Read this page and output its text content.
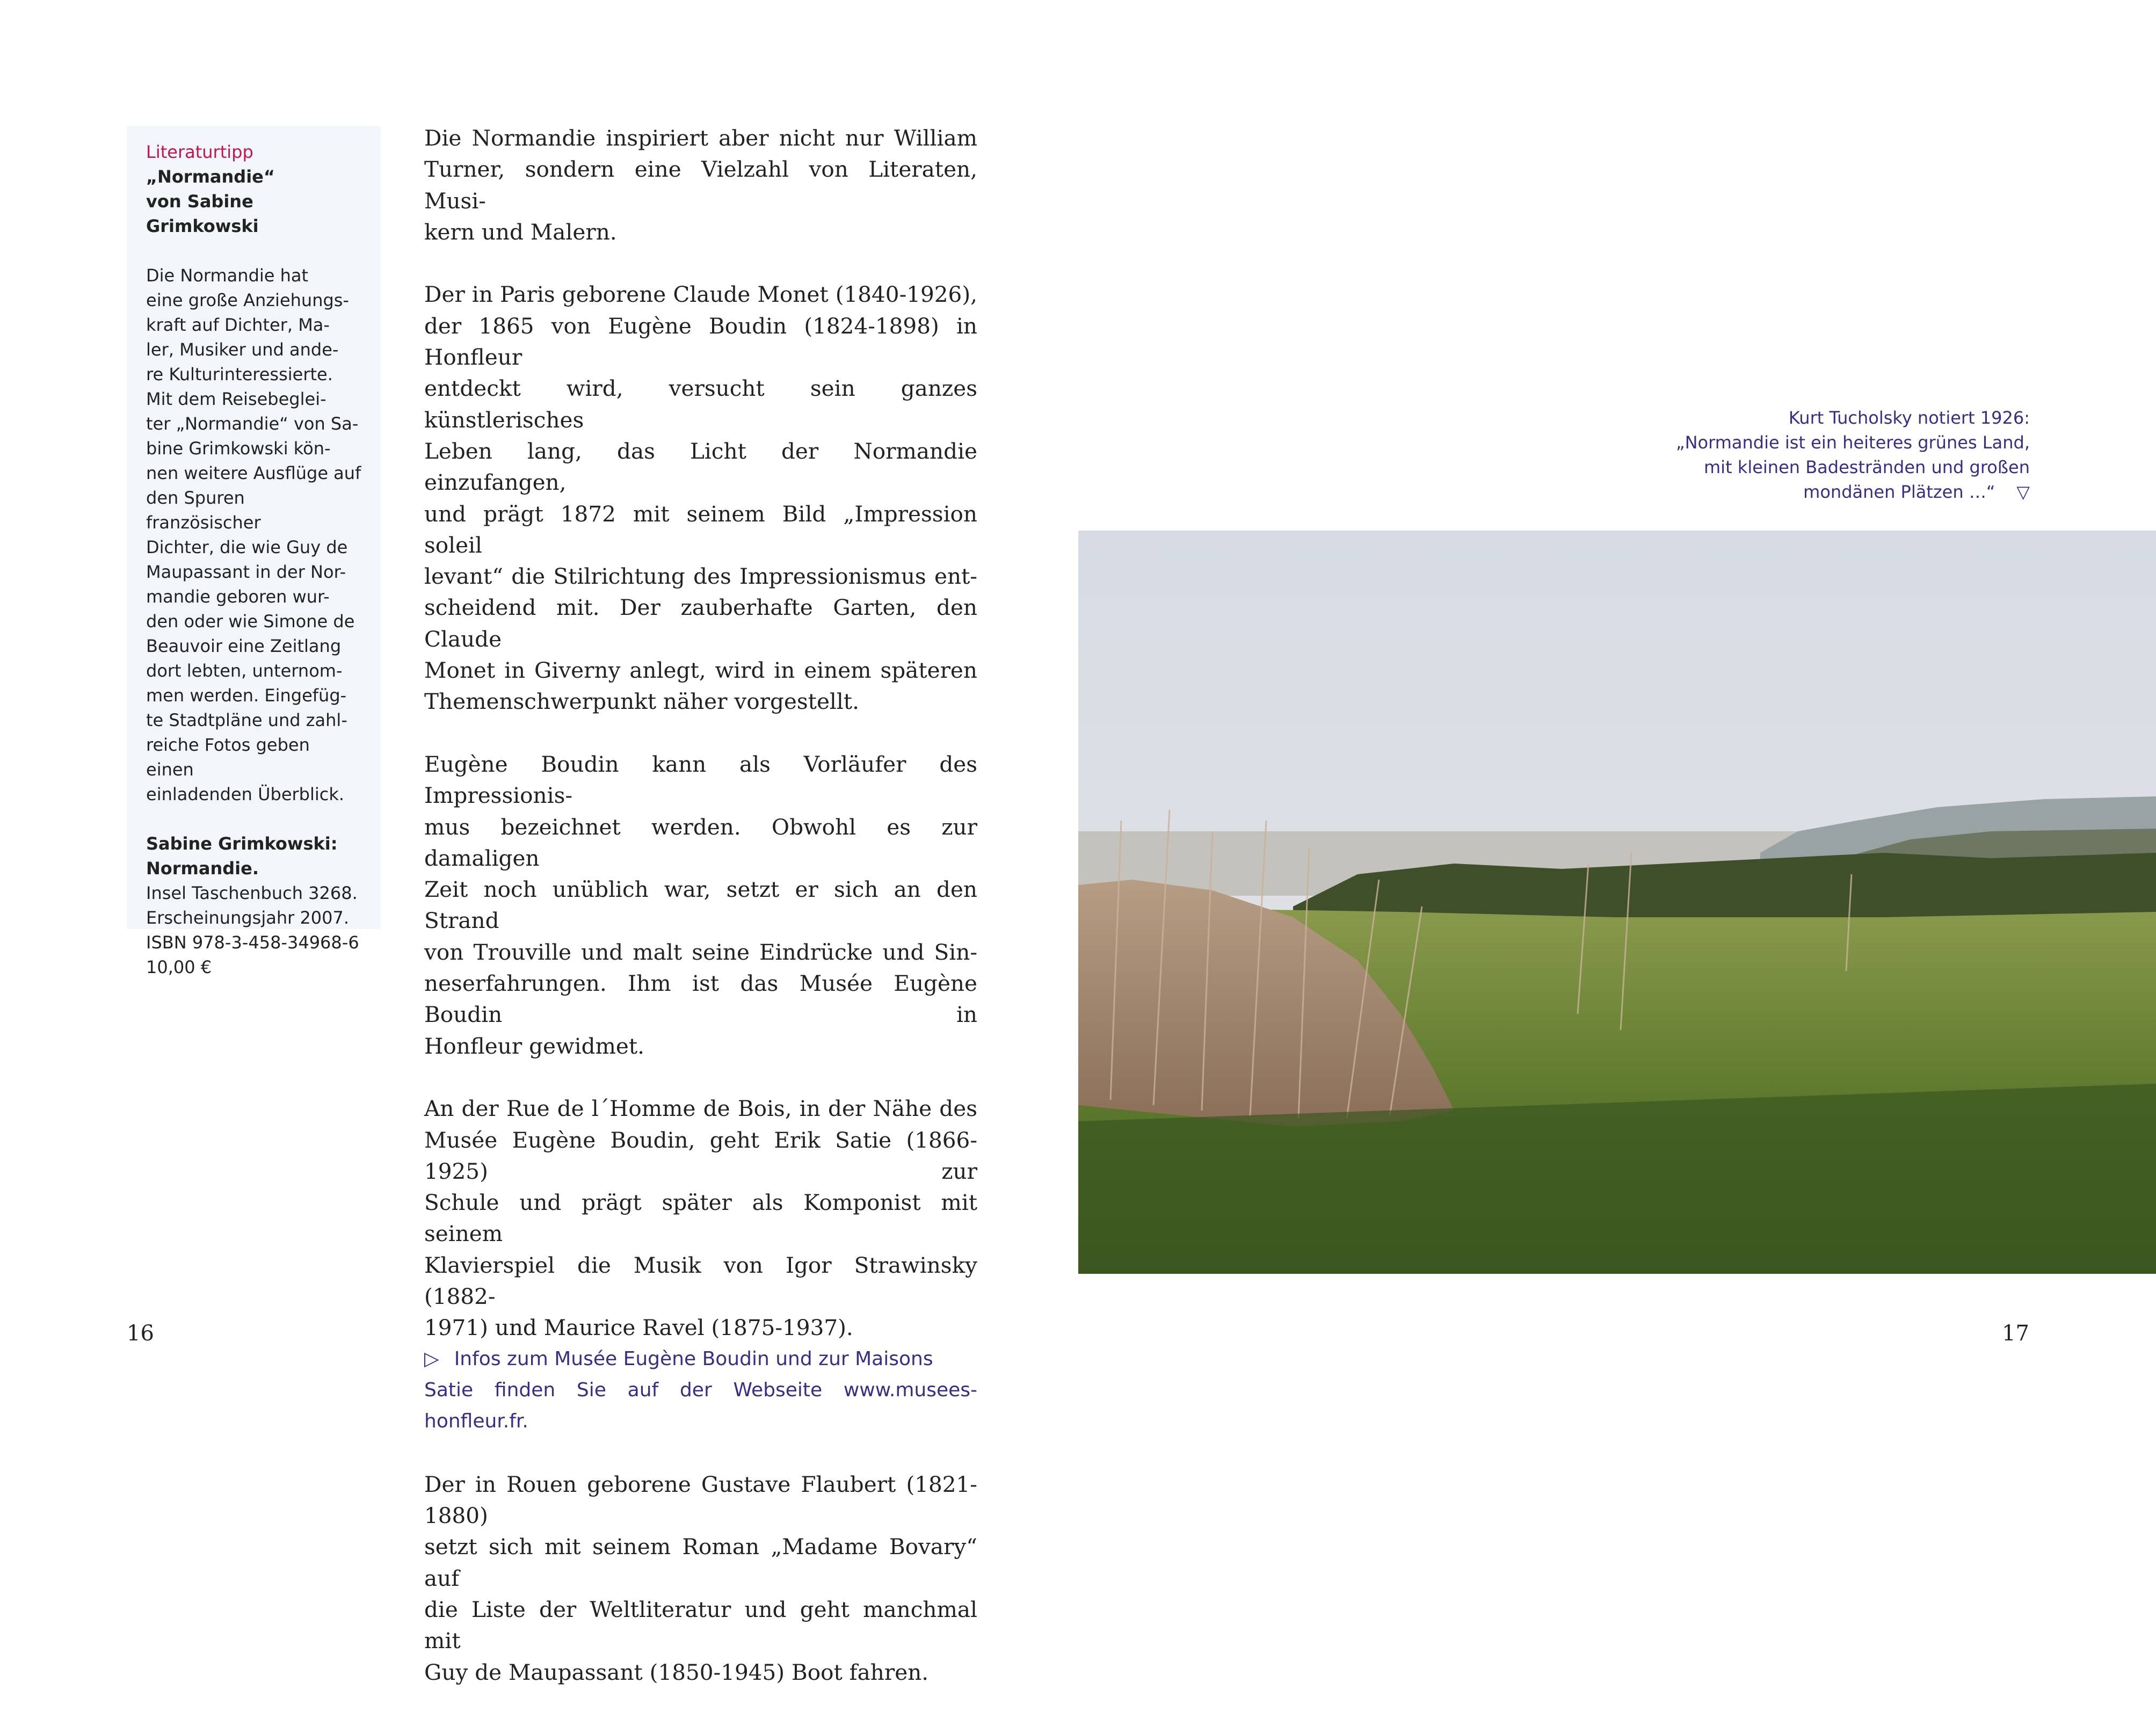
Literaturtipp

„Normandie“

von Sabine Grimkowski

Die Normandie hat

eine große Anziehungs-

kraft auf Dichter, Ma-

ler, Musiker und ande-

re Kulturinteressierte.

Mit dem Reisebeglei-

ter „Normandie“ von Sa-

bine Grimkowski kön-

nen weitere Ausflüge auf

den Spuren französischer

Dichter, die wie Guy de

Maupassant in der Nor-

mandie geboren wur-

den oder wie Simone de

Beauvoir eine Zeitlang

dort lebten, unternom-

men werden. Eingefüg-

te Stadtpläne und zahl-

reiche Fotos geben einen

einladenden Überblick.

Sabine Grimkowski:

Normandie.

Insel Taschenbuch 3268.

Erscheinungsjahr 2007.

ISBN 978-3-458-34968-6

10,00 €

Die Normandie inspiriert aber nicht nur William
Turner, sondern eine Vielzahl von Literaten, Musi-
kern und Malern.

Der in Paris geborene Claude Monet (1840-1926),
der 1865 von Eugène Boudin (1824-1898) in Honfleur
entdeckt wird, versucht sein ganzes künstlerisches
Leben lang, das Licht der Normandie einzufangen,
und prägt 1872 mit seinem Bild „Impression soleil
levant“ die Stilrichtung des Impressionismus ent-
scheidend mit. Der zauberhafte Garten, den Claude
Monet in Giverny anlegt, wird in einem späteren
Themenschwerpunkt näher vorgestellt.

Eugène Boudin kann als Vorläufer des Impressionis-
mus bezeichnet werden. Obwohl es zur damaligen
Zeit noch unüblich war, setzt er sich an den Strand
von Trouville und malt seine Eindrücke und Sin-
neserfahrungen. Ihm ist das Musée Eugène Boudin in
Honfleur gewidmet.

An der Rue de l´Homme de Bois, in der Nähe des
Musée Eugène Boudin, geht Erik Satie (1866-1925) zur
Schule und prägt später als Komponist mit seinem
Klavierspiel die Musik von Igor Strawinsky (1882-
1971) und Maurice Ravel (1875-1937).

▷ Infos zum Musée Eugène Boudin und zur Maisons
Satie finden Sie auf der Webseite www.musees-honfleur.fr.

Der in Rouen geborene Gustave Flaubert (1821-1880)
setzt sich mit seinem Roman „Madame Bovary“ auf
die Liste der Weltliteratur und geht manchmal mit
Guy de Maupassant (1850-1945) Boot fahren.

Kurt Tucholsky notiert 1926:
„Normandie ist ein heiteres grünes Land,
mit kleinen Badestränden und großen
mondänen Plätzen …“ ▽
16	17
